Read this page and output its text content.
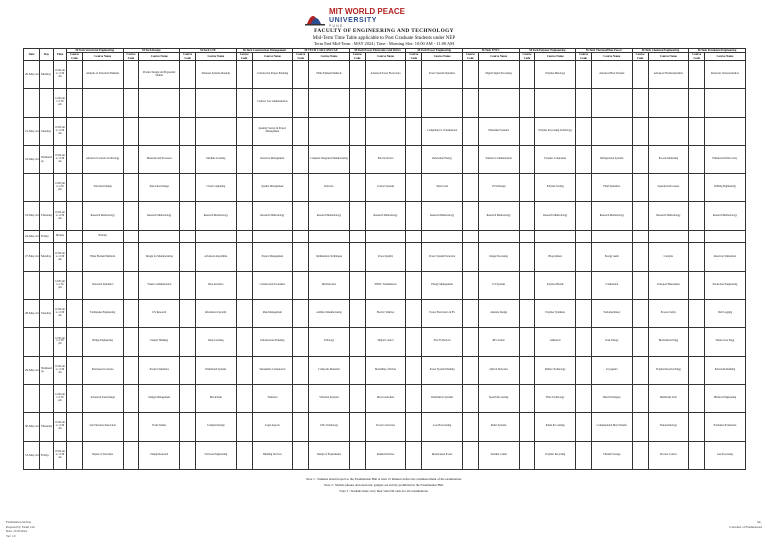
MIT WORLD PEACE
UNIVERSITY
PUNE
FACULTY OF ENGINEERING AND TECHNOLOGY
Mid-Term Time Table applicable to Post Graduate Students under NEP
Term End Mid-Term : MAY 2024 | Time : Morning Slot: 10:00 AM - 11:00 AM
Date	Day	Time	M.Tech Structural Engineering		M.Tech Design		M.Tech CSE		M.Tech Construction Management		M.TECH CAD/CAM/CAE		M.Tech Power Electronics and Drives		M.Tech Power Engineering		M.Tech ENTC		M.Tech Polymer Engineering		M.Tech Thermal/Heat Power		M.Tech Chemical Engineering		M.Tech Petroleum Engineering	
			Course Code	Course Name	Course Code	Course Name	Course Code	Course Name	Course Code	Course Name	Course Code	Course Name	Course Code	Course Name	Course Code	Course Name	Course Code	Course Name	Course Code	Course Name	Course Code	Course Name	Course Code	Course Name	Course Code	Course Name
20-May-24	Monday	10:00 am to 11:30 am		Analysis of Structural Elements		Product Design and Ergonomic Studies		Database Systems Internals		Construction Project Planning		Finite Element Methods		Advanced Power Electronics		Power System Dynamics		Digital Signal Processing		Polymer Rheology		Advanced Heat Transfer		Advanced Thermodynamics		Reservoir Characterization
		12:00 pm to 1:30 pm								Contract Law Administration																
21-May-24	Tuesday	10:00 am to 11:30 am								Quantity Survey & Project Management						Computing for Transmission		Embedded Systems		Polymer Processing Technology						
22-May-24	Wednesday	10:00 am to 11:30 am		Advanced Concrete Technology		Materials and Processes		Machine Learning		Resource Management		Computer Integrated Manufacturing		Electric Drives		Renewable Energy		Wireless Communication		Polymer Composites		Refrigeration Systems		Process Modelling		Enhanced Oil Recovery
		12:00 pm to 1:30 pm		Structural Design		Interaction Design		Cloud Computing		Quality Management		Robotics		Control Systems		Smart Grid		VLSI Design		Polymer Testing		Fluid Dynamics		Separation Processes		Drilling Engineering
23-May-24	Thursday	10:00 am to 11:30 am		Research Methodology		Research Methodology		Research Methodology		Research Methodology		Research Methodology		Research Methodology		Research Methodology		Research Methodology		Research Methodology		Research Methodology		Research Methodology		Research Methodology
24-May-24	Friday	Holiday		Holiday																						
27-May-24	Monday	10:00 am to 11:30 am		Finite Element Methods		Design for Manufacturing		Advanced Algorithms		Project Management		Optimization Techniques		Power Quality		Power System Protection		Image Processing		Biopolymers		Energy Audit		Catalysis		Reservoir Simulation
		12:00 pm to 1:30 pm		Structural Dynamics		Visual Communication		Data Analytics		Construction Economics		Mechatronics		HVDC Transmission		Energy Management		IoT Systems		Polymer Blends		Combustion		Transport Phenomena		Production Engineering
28-May-24	Tuesday	10:00 am to 11:30 am		Earthquake Engineering		UX Research		Information Security		Risk Management		Additive Manufacturing		Electric Vehicles		Power Electronics in PS		Antenna Design		Polymer Synthesis		Turbomachinery		Process Safety		Well Logging
		12:00 pm to 1:30 pm		Bridge Engineering		Design Thinking		Deep Learning		Infrastructure Planning		Tribology		Digital Control		FACTS Devices		RF Circuits		Adhesives		Solar Energy		Biochemical Engg		Natural Gas Engg
29-May-24	Wednesday	10:00 am to 11:30 am		Prestressed Concrete		Product Semantics		Distributed Systems		Sustainable Construction		Composite Materials		Modelling of Drives		Power System Planning		Optical Networks		Rubber Technology		Cryogenics		Polymer Reaction Engg		Petroleum Refining
		12:00 pm to 1:30 pm		Advanced Steel Design		Design Management		Blockchain		Valuation		Vibration Analysis		Microcontrollers		Distribution Systems		Speech Processing		Fibre Technology		Heat Exchangers		Membrane Tech		Offshore Engineering
30-May-24	Thursday	10:00 am to 11:30 am		Soil Structure Interaction		Form Studies		Compiler Design		Legal Aspects		CNC Technology		Power Converters		Load Forecasting		Radar Systems		Paints & Coatings		Computational Heat Transfer		Nanotechnology		Formation Evaluation
31-May-24	Friday	10:00 am to 11:30 am		Repair of Structures		Design Research		Software Engineering		Building Services		Design of Experiments		Industrial Drives		Restructured Power		Satellite Comm		Polymer Recycling		Thermal Storage		Process Control		Gas Processing
Note 1 : Students should report to the Examination Hall at least 15 minutes before the commencement of the examination.
Note 2 : Mobile phones and electronic gadgets are strictly prohibited in the Examination Hall.
Note 3 : Students must carry their valid ID cards for all examinations.
Examination Section
Prepared by: Exam Cell
Date: 15/05/2024
Ver: 1.0
Sd/-
Controller of Examinations
